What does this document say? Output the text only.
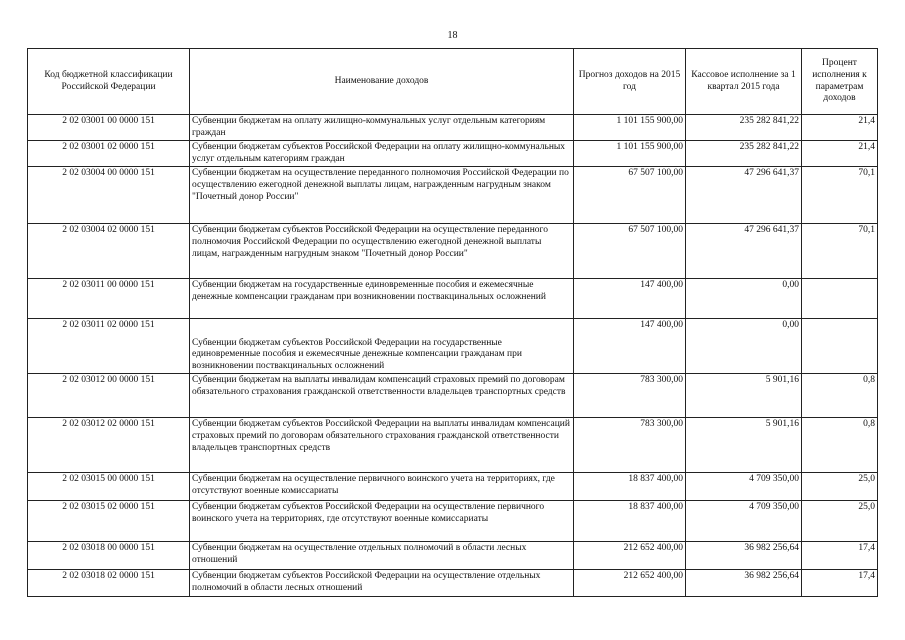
18
Код бюджетной классификации Российской Федерации	Наименование доходов	Прогноз доходов на 2015 год	Кассовое исполнение за 1 квартал 2015 года	Процент исполнения к параметрам доходов
2 02 03001 00 0000 151	Субвенции бюджетам на оплату жилищно-коммунальных услуг отдельным категориям граждан	1 101 155 900,00	235 282 841,22	21,4
2 02 03001 02 0000 151	Субвенции бюджетам субъектов Российской Федерации на оплату жилищно-коммунальных услуг отдельным категориям граждан	1 101 155 900,00	235 282 841,22	21,4
2 02 03004 00 0000 151	Субвенции бюджетам на осуществление переданного полномочия Российской Федерации по осуществлению ежегодной денежной выплаты лицам, награжденным нагрудным знаком "Почетный донор России"	67 507 100,00	47 296 641,37	70,1
2 02 03004 02 0000 151	Субвенции бюджетам субъектов Российской Федерации на осуществление переданного полномочия Российской Федерации по осуществлению ежегодной денежной выплаты лицам, награжденным нагрудным знаком "Почетный донор России"	67 507 100,00	47 296 641,37	70,1
2 02 03011 00 0000 151	Субвенции бюджетам на государственные единовременные пособия и ежемесячные денежные компенсации гражданам при возникновении поствакцинальных осложнений	147 400,00	0,00	
2 02 03011 02 0000 151	Субвенции бюджетам субъектов Российской Федерации на государственные единовременные пособия и ежемесячные денежные компенсации гражданам при возникновении поствакцинальных осложнений	147 400,00	0,00	
2 02 03012 00 0000 151	Субвенции бюджетам на выплаты инвалидам компенсаций страховых премий по договорам обязательного страхования гражданской ответственности владельцев транспортных средств	783 300,00	5 901,16	0,8
2 02 03012 02 0000 151	Субвенции бюджетам субъектов Российской Федерации на выплаты инвалидам компенсаций страховых премий по договорам обязательного страхования гражданской ответственности владельцев транспортных средств	783 300,00	5 901,16	0,8
2 02 03015 00 0000 151	Субвенции бюджетам на осуществление первичного воинского учета на территориях, где отсутствуют военные комиссариаты	18 837 400,00	4 709 350,00	25,0
2 02 03015 02 0000 151	Субвенции бюджетам субъектов Российской Федерации на осуществление первичного воинского учета на территориях, где отсутствуют военные комиссариаты	18 837 400,00	4 709 350,00	25,0
2 02 03018 00 0000 151	Субвенции бюджетам на осуществление отдельных полномочий в области лесных отношений	212 652 400,00	36 982 256,64	17,4
2 02 03018 02 0000 151	Субвенции бюджетам субъектов Российской Федерации на осуществление отдельных полномочий в области лесных отношений	212 652 400,00	36 982 256,64	17,4
